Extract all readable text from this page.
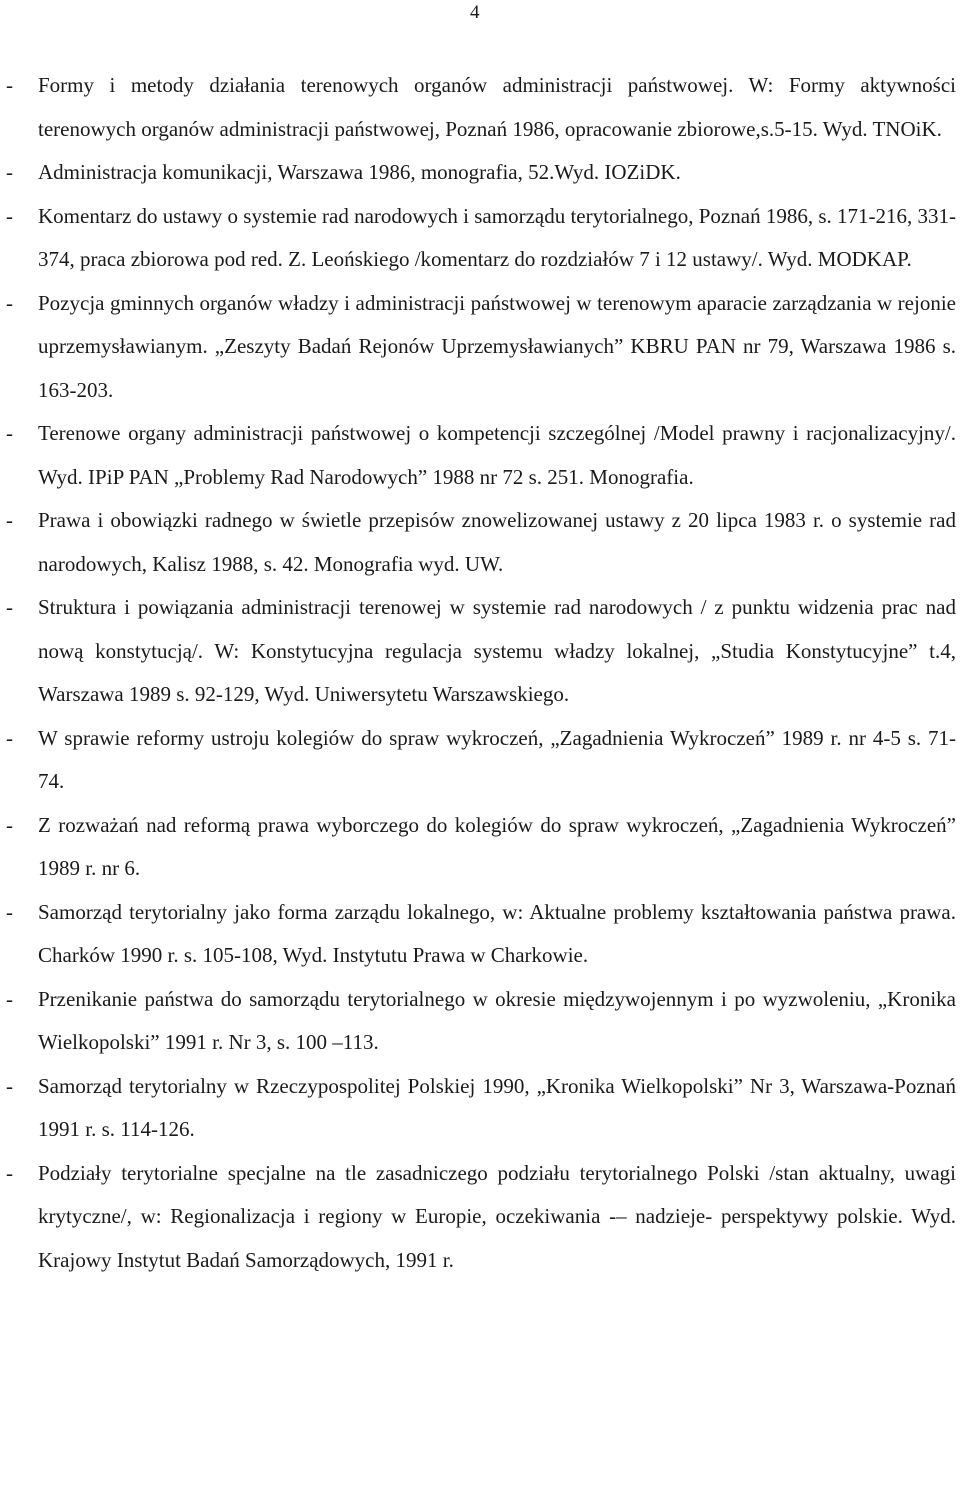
4
- Formy i metody działania terenowych organów administracji państwowej. W: Formy aktywności terenowych organów administracji państwowej, Poznań 1986, opracowanie zbiorowe,s.5-15. Wyd. TNOiK.
- Administracja komunikacji, Warszawa 1986, monografia, 52.Wyd. IOZiDK.
- Komentarz do ustawy o systemie rad narodowych i samorządu terytorialnego, Poznań 1986, s. 171-216, 331-374, praca zbiorowa pod red. Z. Leońskiego /komentarz do rozdziałów 7 i 12 ustawy/. Wyd. MODKAP.
- Pozycja gminnych organów władzy i administracji państwowej w terenowym aparacie zarządzania w rejonie uprzemysławianym. „Zeszyty Badań Rejonów Uprzemysławianych” KBRU PAN nr 79, Warszawa 1986 s. 163-203.
- Terenowe organy administracji państwowej o kompetencji szczególnej /Model prawny i racjonalizacyjny/. Wyd. IPiP PAN „Problemy Rad Narodowych” 1988 nr 72 s. 251. Monografia.
- Prawa i obowiązki radnego w świetle przepisów znowelizowanej ustawy z 20 lipca 1983 r. o systemie rad narodowych, Kalisz 1988, s. 42. Monografia wyd. UW.
- Struktura i powiązania administracji terenowej w systemie rad narodowych / z punktu widzenia prac nad nową konstytucją/. W: Konstytucyjna regulacja systemu władzy lokalnej, „Studia Konstytucyjne” t.4, Warszawa 1989 s. 92-129, Wyd. Uniwersytetu Warszawskiego.
- W sprawie reformy ustroju kolegiów do spraw wykroczeń, „Zagadnienia Wykroczeń” 1989 r. nr 4-5 s. 71-74.
- Z rozważań nad reformą prawa wyborczego do kolegiów do spraw wykroczeń, „Zagadnienia Wykroczeń” 1989 r. nr 6.
- Samorząd terytorialny jako forma zarządu lokalnego, w: Aktualne problemy kształtowania państwa prawa. Charków 1990 r. s. 105-108, Wyd. Instytutu Prawa w Charkowie.
- Przenikanie państwa do samorządu terytorialnego w okresie międzywojennym i po wyzwoleniu, „Kronika Wielkopolski” 1991 r. Nr 3, s. 100 –113.
- Samorząd terytorialny w Rzeczypospolitej Polskiej 1990, „Kronika Wielkopolski” Nr 3, Warszawa-Poznań 1991 r. s. 114-126.
- Podziały terytorialne specjalne na tle zasadniczego podziału terytorialnego Polski /stan aktualny, uwagi krytyczne/, w: Regionalizacja i regiony w Europie, oczekiwania -– nadzieje- perspektywy polskie. Wyd. Krajowy Instytut Badań Samorządowych, 1991 r.
